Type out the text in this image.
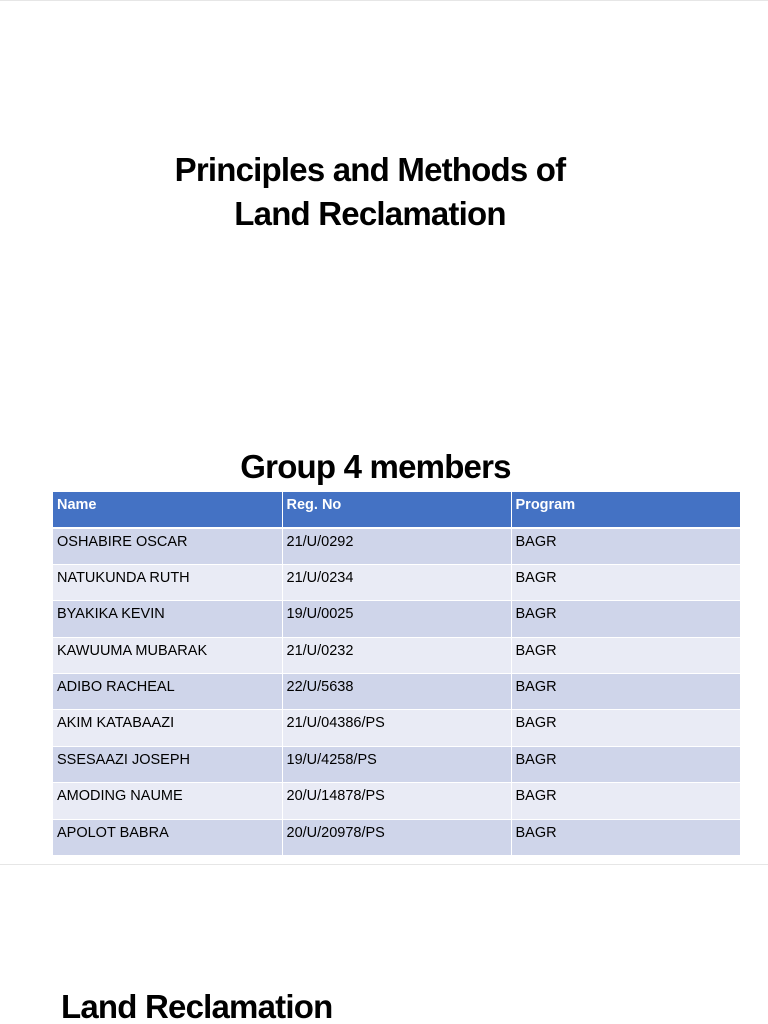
Principles and Methods of
Land Reclamation
Group 4 members
Name	Reg. No	Program
OSHABIRE OSCAR	21/U/0292	BAGR
NATUKUNDA RUTH	21/U/0234	BAGR
BYAKIKA KEVIN	19/U/0025	BAGR
KAWUUMA MUBARAK	21/U/0232	BAGR
ADIBO RACHEAL	22/U/5638	BAGR
AKIM KATABAAZI	21/U/04386/PS	BAGR
SSESAAZI JOSEPH	19/U/4258/PS	BAGR
AMODING NAUME	20/U/14878/PS	BAGR
APOLOT BABRA	20/U/20978/PS	BAGR
Land Reclamation
